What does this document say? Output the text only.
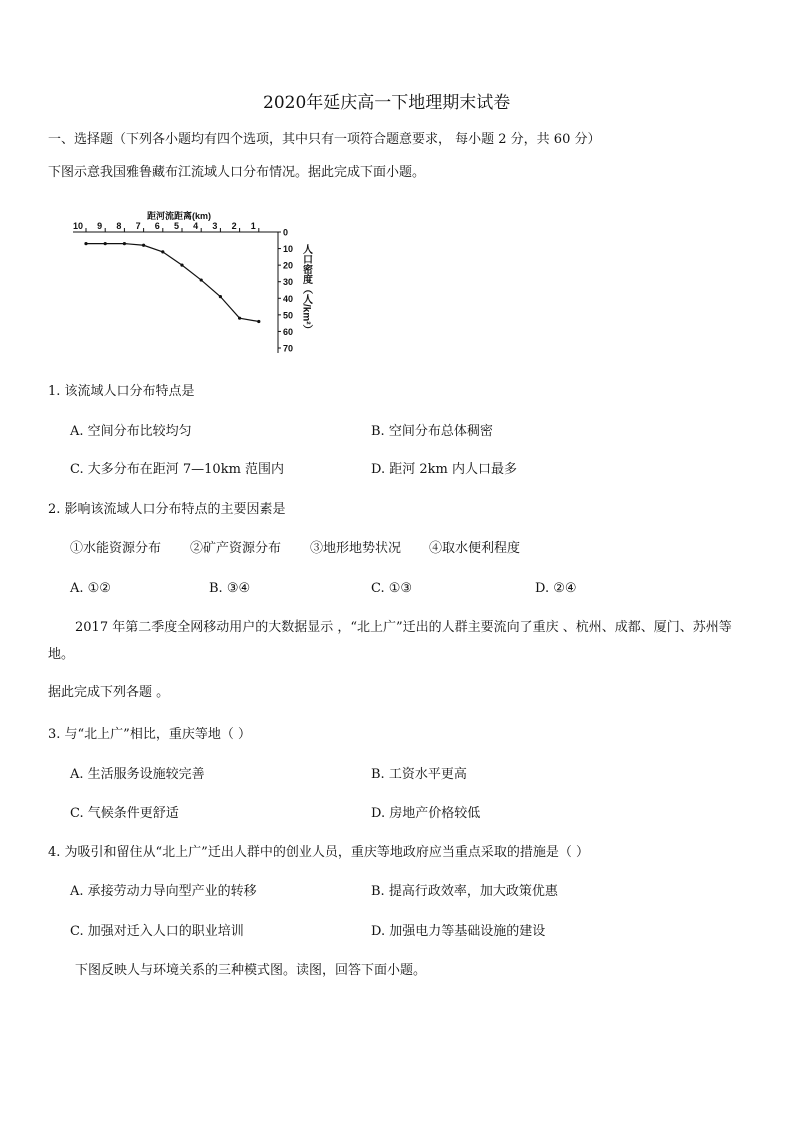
2020年延庆高一下地理期末试卷
一、选择题（下列各小题均有四个选项，其中只有一项符合题意要求， 每小题 2 分，共 60 分）
下图示意我国雅鲁藏布江流域人口分布情况。据此完成下面小题。
距河流距离(km)
10 9 8 7 6 5 4 3 2 1
0
10
20
30
40
50
60
70
人口密度（人/km²）
1. 该流域人口分布特点是
A. 空间分布比较均匀	B. 空间分布总体稠密
C. 大多分布在距河 7—10km 范围内	D. 距河 2km 内人口最多
2. 影响该流域人口分布特点的主要因素是
①水能资源分布 ②矿产资源分布 ③地形地势状况 ④取水便利程度
A. ①②	B. ③④	C. ①③	D. ②④
2017 年第二季度全网移动用户的大数据显示 ，“北上广”迁出的人群主要流向了重庆 、杭州、成都、厦门、苏州等
地。
据此完成下列各题 。
3. 与“北上广”相比，重庆等地（ ）
A. 生活服务设施较完善	B. 工资水平更高
C. 气候条件更舒适	D. 房地产价格较低
4. 为吸引和留住从“北上广”迁出人群中的创业人员，重庆等地政府应当重点采取的措施是（ ）
A. 承接劳动力导向型产业的转移	B. 提高行政效率，加大政策优惠
C. 加强对迁入人口的职业培训	D. 加强电力等基础设施的建设
下图反映人与环境关系的三种模式图。读图，回答下面小题。
